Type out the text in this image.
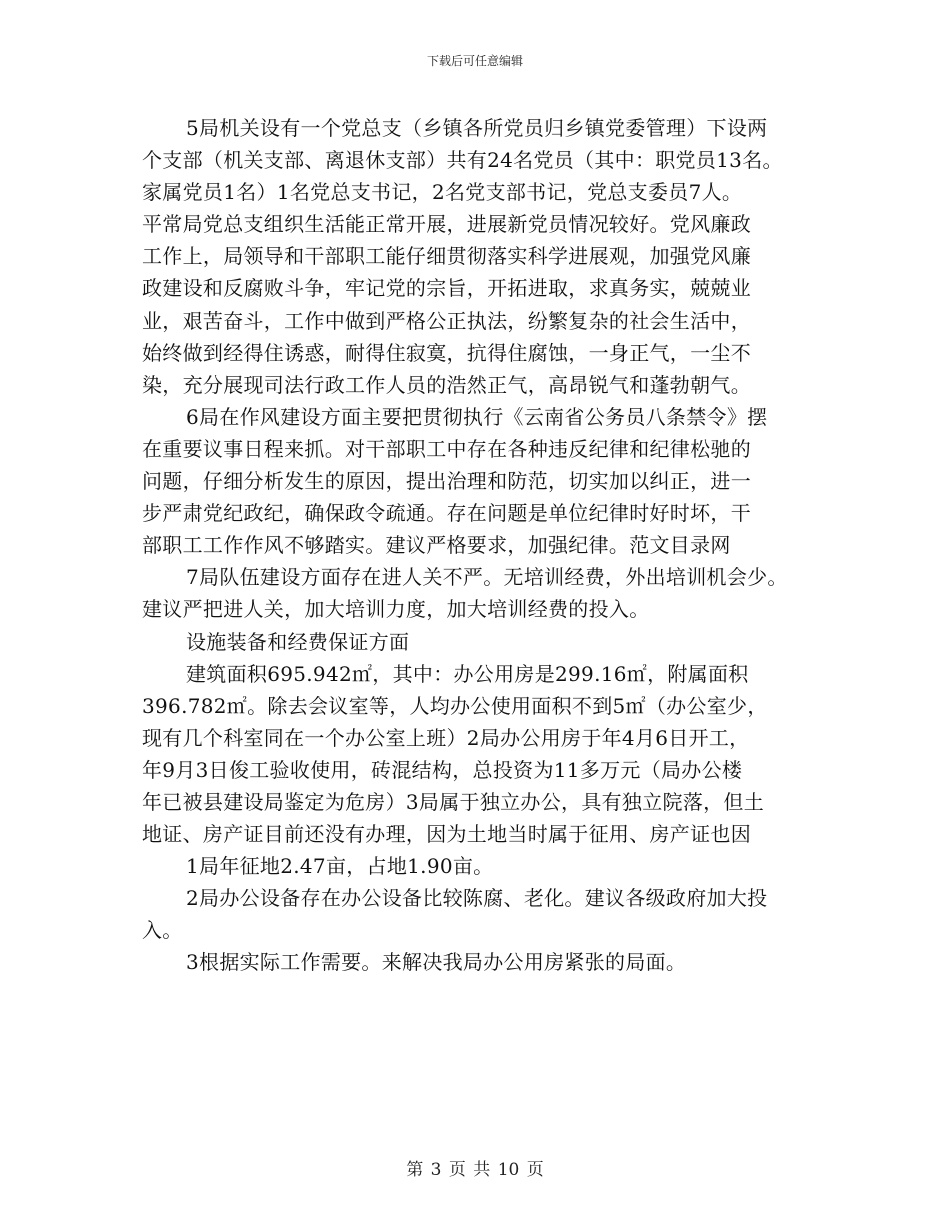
下载后可任意编辑
5局机关设有一个党总支（乡镇各所党员归乡镇党委管理）下设两
个支部（机关支部、离退休支部）共有24名党员（其中：职党员13名。
家属党员1名）1名党总支书记，2名党支部书记，党总支委员7人。
平常局党总支组织生活能正常开展，进展新党员情况较好。党风廉政
工作上，局领导和干部职工能仔细贯彻落实科学进展观，加强党风廉
政建设和反腐败斗争，牢记党的宗旨，开拓进取，求真务实，兢兢业
业，艰苦奋斗，工作中做到严格公正执法，纷繁复杂的社会生活中，
始终做到经得住诱惑，耐得住寂寞，抗得住腐蚀，一身正气，一尘不
染，充分展现司法行政工作人员的浩然正气，高昂锐气和蓬勃朝气。
6局在作风建设方面主要把贯彻执行《云南省公务员八条禁令》摆
在重要议事日程来抓。对干部职工中存在各种违反纪律和纪律松驰的
问题，仔细分析发生的原因，提出治理和防范，切实加以纠正，进一
步严肃党纪政纪，确保政令疏通。存在问题是单位纪律时好时坏，干
部职工工作作风不够踏实。建议严格要求，加强纪律。范文目录网
7局队伍建设方面存在进人关不严。无培训经费，外出培训机会少。
建议严把进人关，加大培训力度，加大培训经费的投入。
设施装备和经费保证方面
建筑面积695.942㎡，其中：办公用房是299.16㎡，附属面积
396.782㎡。除去会议室等，人均办公使用面积不到5㎡（办公室少，
现有几个科室同在一个办公室上班）2局办公用房于年4月6日开工，
年9月3日俊工验收使用，砖混结构，总投资为11多万元（局办公楼
年已被县建设局鉴定为危房）3局属于独立办公，具有独立院落，但土
地证、房产证目前还没有办理，因为土地当时属于征用、房产证也因
1局年征地2.47亩，占地1.90亩。
2局办公设备存在办公设备比较陈腐、老化。建议各级政府加大投
入。
3根据实际工作需要。来解决我局办公用房紧张的局面。
第 3 页 共 10 页
